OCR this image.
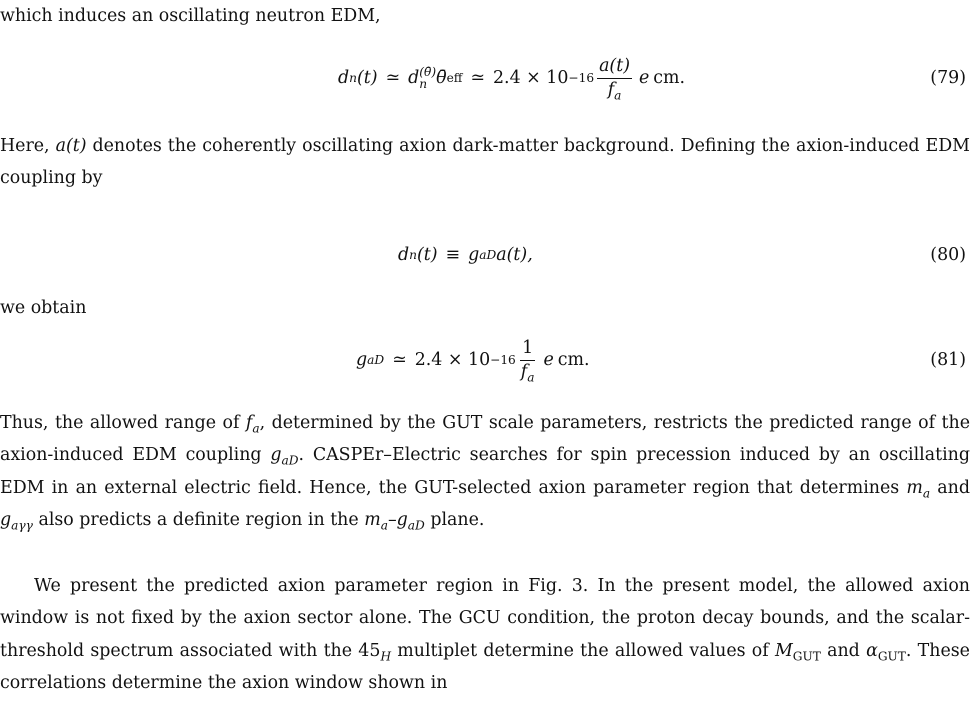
which induces an oscillating neutron EDM,

d n (t) ≃ d (θ̄)
n θ̄ eff ≃ $2.4 \times 10 -16 \frac{a(t)}{f_a}$ e cm.	(79)

Here, a(t) denotes the coherently oscillating axion dark-matter background. Defining the axion-induced EDM coupling by

d n (t) ≡ g aD a(t),	(80)

we obtain

g aD ≃ $2.4 \times 10 -16 \frac{1}{f_a}$ e cm.	(81)

Thus, the allowed range of $f_a$, determined by the GUT scale parameters, restricts the predicted range of the axion-induced EDM coupling $g_{aD}$. CASPEr–Electric searches for spin precession induced by an oscillating EDM in an external electric field. Hence, the GUT-selected axion parameter region that determines $m_a$ and $g_{a\gamma\gamma}$ also predicts a definite region in the $m_a-g_{aD}$ plane.

We present the predicted axion parameter region in Fig. 3. In the present model, the allowed axion window is not fixed by the axion sector alone. The GCU condition, the proton decay bounds, and the scalar-threshold spectrum associated with the $45_H$ multiplet determine the allowed values of $M_{GUT}$ and $\alpha_{GUT}$. These correlations determine the axion window shown in
